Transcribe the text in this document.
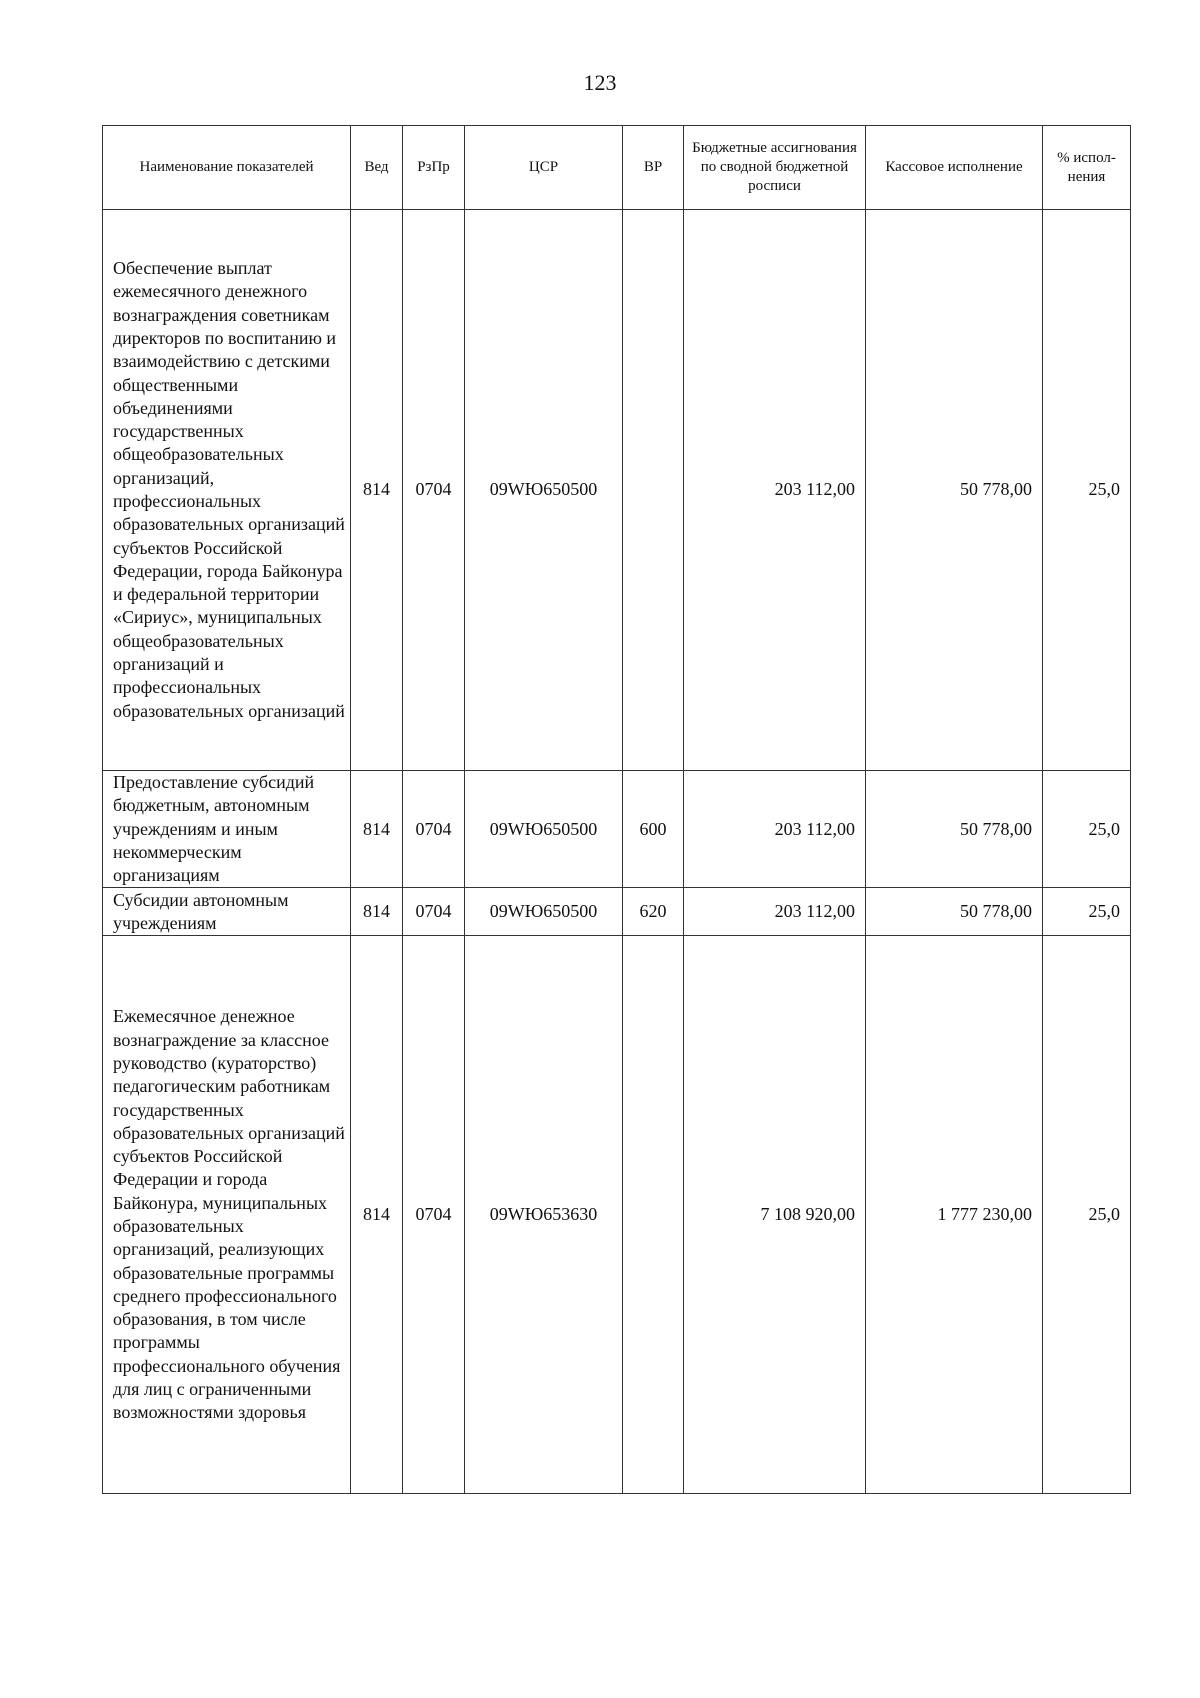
123
Наименование показателей	Вед	РзПр	ЦСР	ВР	Бюджетные ассигнования по сводной бюджетной росписи	Кассовое исполнение	% испол-нения
Обеспечение выплат ежемесячного денежного вознаграждения советникам директоров по воспитанию и взаимодействию с детскими общественными объединениями государственных общеобразовательных организаций, профессиональных образовательных организаций субъектов Российской Федерации, города Байконура и федеральной территории «Сириус», муниципальных общеобразовательных организаций и профессиональных образовательных организаций	814	0704	09WЮ650500		203 112,00	50 778,00	25,0
Предоставление субсидий бюджетным, автономным учреждениям и иным некоммерческим организациям	814	0704	09WЮ650500	600	203 112,00	50 778,00	25,0
Субсидии автономным учреждениям	814	0704	09WЮ650500	620	203 112,00	50 778,00	25,0
Ежемесячное денежное вознаграждение за классное руководство (кураторство) педагогическим работникам государственных образовательных организаций субъектов Российской Федерации и города Байконура, муниципальных образовательных организаций, реализующих образовательные программы среднего профессионального образования, в том числе программы профессионального обучения для лиц с ограниченными возможностями здоровья	814	0704	09WЮ653630		7 108 920,00	1 777 230,00	25,0
